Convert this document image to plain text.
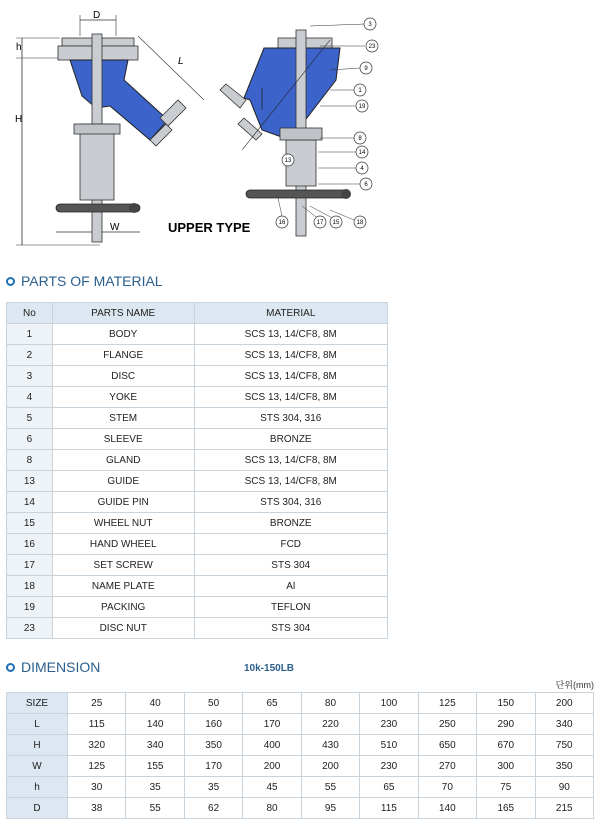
D
h
H
W
L
3
23
9
1
19
8
14
13
4
6
18
15
17
16
UPPER TYPE
PARTS OF MATERIAL
No	PARTS NAME	MATERIAL
1	BODY	SCS 13, 14/CF8, 8M
2	FLANGE	SCS 13, 14/CF8, 8M
3	DISC	SCS 13, 14/CF8, 8M
4	YOKE	SCS 13, 14/CF8, 8M
5	STEM	STS 304, 316
6	SLEEVE	BRONZE
8	GLAND	SCS 13, 14/CF8, 8M
13	GUIDE	SCS 13, 14/CF8, 8M
14	GUIDE PIN	STS 304, 316
15	WHEEL NUT	BRONZE
16	HAND WHEEL	FCD
17	SET SCREW	STS 304
18	NAME PLATE	Al
19	PACKING	TEFLON
23	DISC NUT	STS 304
DIMENSION	10k-150LB
단위(mm)
SIZE	25	40	50	65	80	100	125	150	200
L	115	140	160	170	220	230	250	290	340
H	320	340	350	400	430	510	650	670	750
W	125	155	170	200	200	230	270	300	350
h	30	35	35	45	55	65	70	75	90
D	38	55	62	80	95	115	140	165	215
